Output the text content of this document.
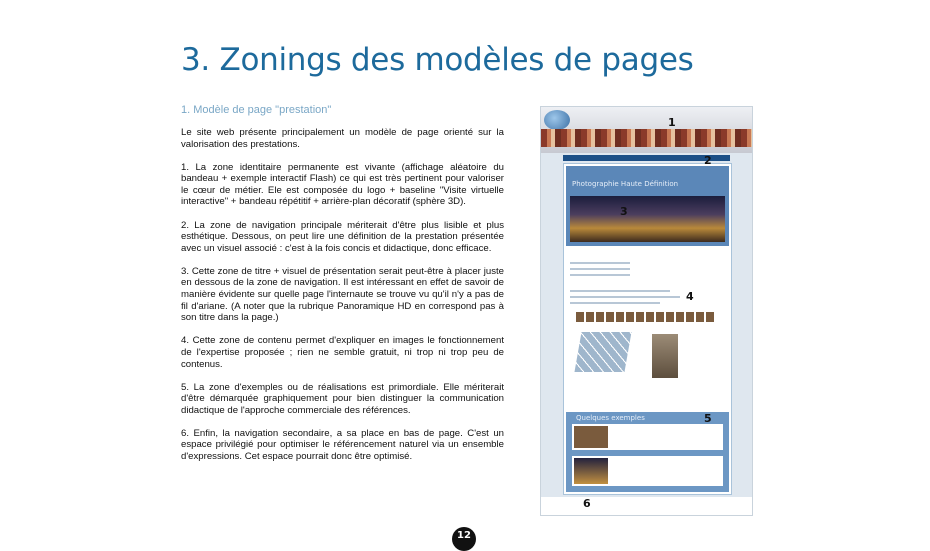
3. Zonings des modèles de pages
1. Modèle de page "prestation"

Le site web présente principalement un modèle de page orienté sur la valorisation des prestations.

1. La zone identitaire permanente est vivante (affichage aléatoire du bandeau + exemple interactif Flash) ce qui est très pertinent pour valoriser le cœur de métier. Ele est composée du logo + baseline "Visite virtuelle interactive" + bandeau répétitif + arrière-plan décoratif (sphère 3D).

2. La zone de navigation principale mériterait d'être plus lisible et plus esthétique. Dessous, on peut lire une définition de la prestation présentée avec un visuel associé : c'est à la fois concis et didactique, donc efficace.

3. Cette zone de titre + visuel de présentation serait peut-être à placer juste en dessous de la zone de navigation. Il est intéressant en effet de savoir de manière évidente sur quelle page l'internaute se trouve vu qu'il n'y a pas de fil d'ariane. (A noter que la rubrique Panoramique HD en correspond pas à son titre dans la page.)

4. Cette zone de contenu permet d'expliquer en images le fonctionnement de l'expertise proposée ; rien ne semble gratuit, ni trop ni trop peu de contenus.

5. La zone d'exemples ou de réalisations est primordiale. Elle mériterait d'être démarquée graphiquement pour bien distinguer la communication didactique de l'approche commerciale des références.

6. Enfin, la navigation secondaire, a sa place en bas de page. C'est un espace privilégié pour optimiser le référencement naturel via un ensemble d'expressions. Cet espace pourrait donc être optimisé.

Photographie Haute Définition
Quelques exemples
1
2
3
4
5
6
12
